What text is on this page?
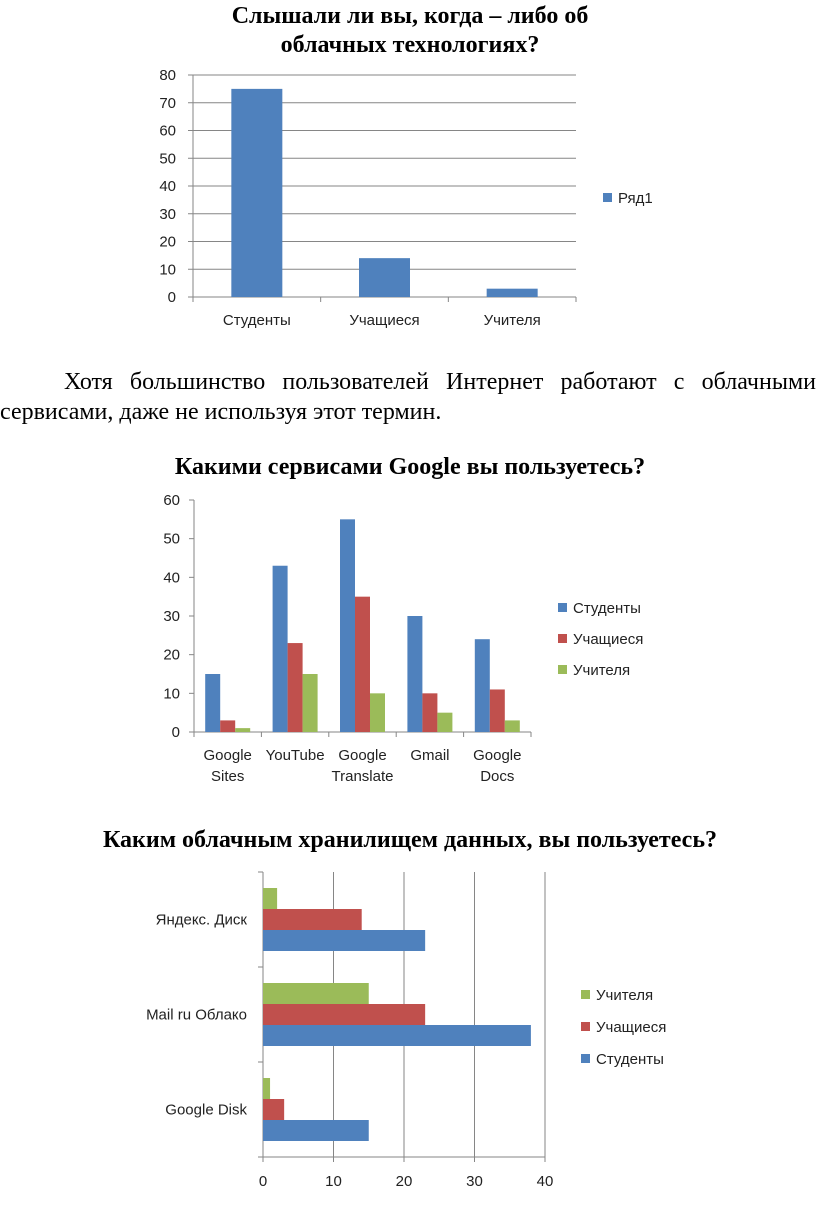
Слышали ли вы, когда – либо об облачных технологиях?
Хотя большинство пользователей Интернет работают с облачными сервисами, даже не используя этот термин.
Какими сервисами Google вы пользуетесь?
Каким облачным хранилищем данных, вы пользуетесь?
0
10
20
30
40
50
60
70
80
Студенты	Учащиеся	Учителя
Ряд1
0
10
20
30
40
50
60
Google
Sites
YouTube Google
Translate
Gmail Google
Docs
Студенты
Учащиеся
Учителя
0	10	20	30	40
Яндекс. Диск
Mail ru Облако
Google Disk
Учителя
Учащиеся
Студенты
